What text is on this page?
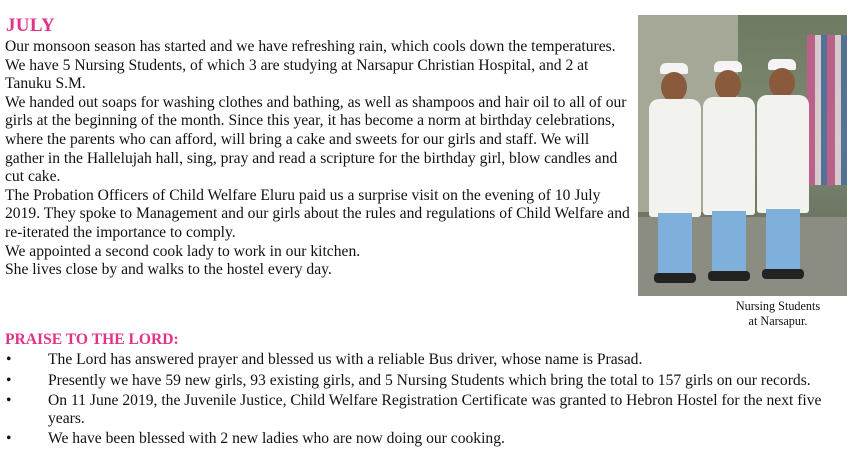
JULY

Our monsoon season has started and we have refreshing rain, which cools down the temperatures.

We have 5 Nursing Students, of which 3 are studying at Narsapur Christian Hospital, and 2 at Tanuku S.M.

We handed out soaps for washing clothes and bathing, as well as shampoos and hair oil to all of our girls at the beginning of the month. Since this year, it has become a norm at birthday celebrations, where the parents who can afford, will bring a cake and sweets for our girls and staff. We will gather in the Hallelujah hall, sing, pray and read a scripture for the birthday girl, blow candles and cut cake.

The Probation Officers of Child Welfare Eluru paid us a surprise visit on the evening of 10 July 2019. They spoke to Management and our girls about the rules and regulations of Child Welfare and re-iterated the importance to comply.

We appointed a second cook lady to work in our kitchen.

She lives close by and walks to the hostel every day.

Nursing Students
at Narsapur.
PRAISE TO THE LORD:
• The Lord has answered prayer and blessed us with a reliable Bus driver, whose name is Prasad.
• Presently we have 59 new girls, 93 existing girls, and 5 Nursing Students which bring the total to 157 girls on our records.
• On 11 June 2019, the Juvenile Justice, Child Welfare Registration Certificate was granted to Hebron Hostel for the next five years.
• We have been blessed with 2 new ladies who are now doing our cooking.
